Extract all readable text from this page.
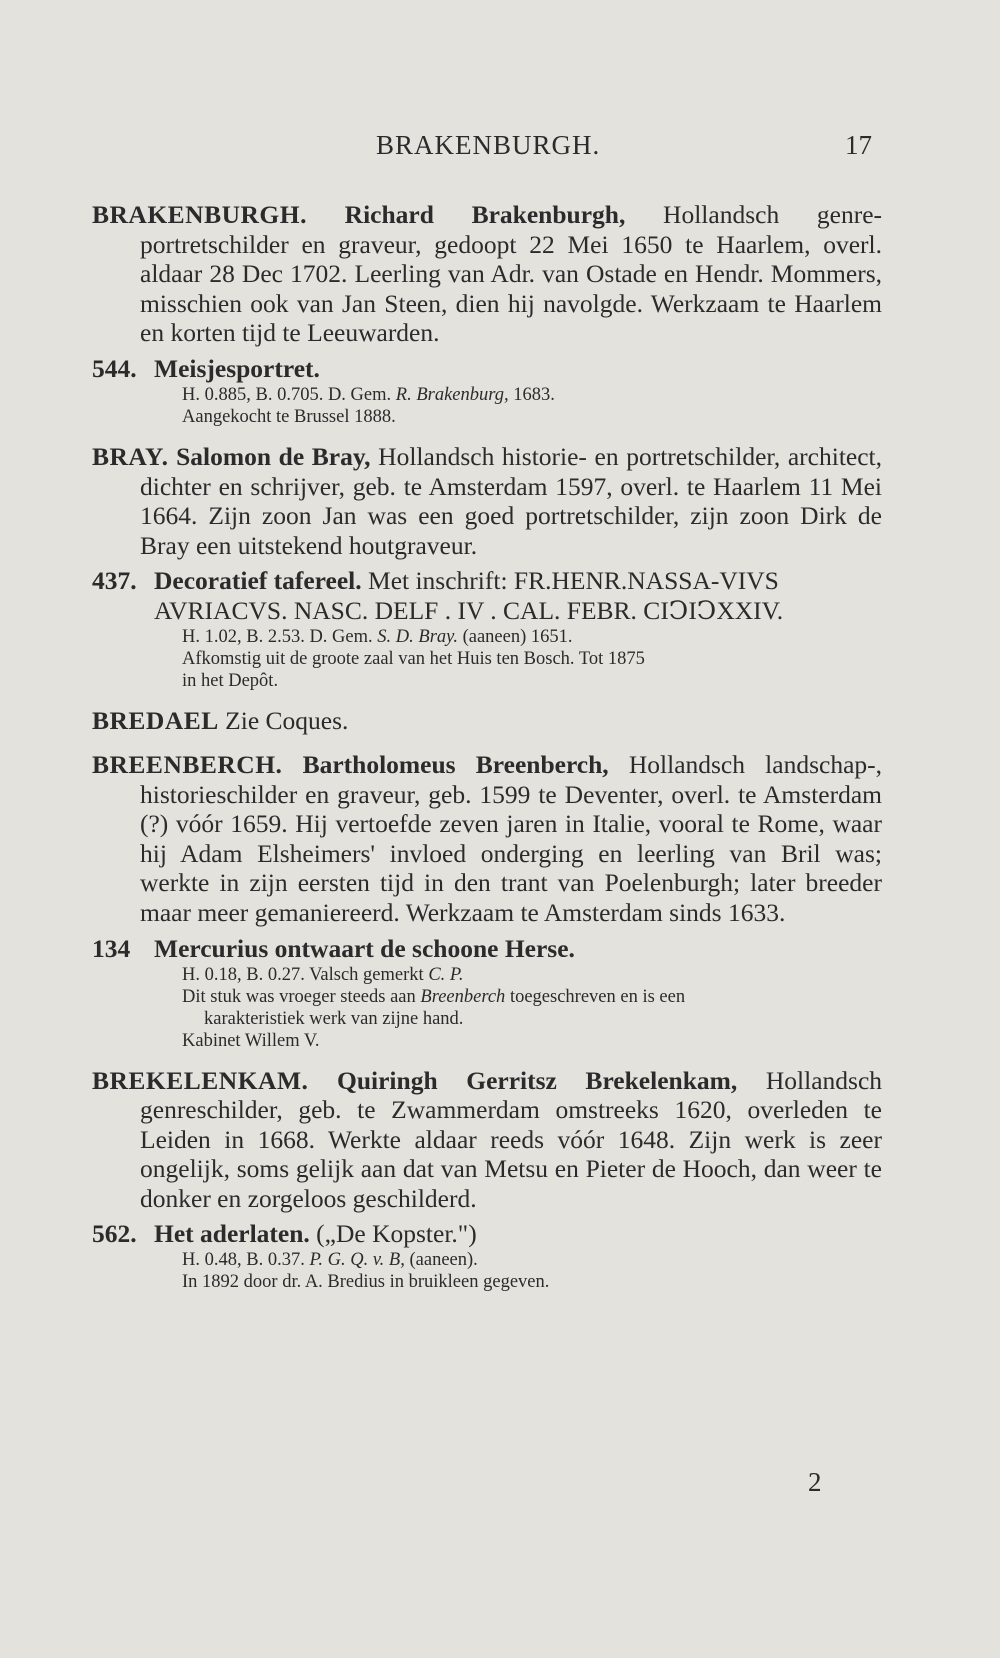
BRAKENBURGH.	17
BRAKENBURGH. Richard Brakenburgh, Hollandsch genre-portretschilder en graveur, gedoopt 22 Mei 1650 te Haarlem, overl. aldaar 28 Dec 1702. Leerling van Adr. van Ostade en Hendr. Mommers, misschien ook van Jan Steen, dien hij navolgde. Werkzaam te Haarlem en korten tijd te Leeuwarden.
544. Meisjesportret.
H. 0.885, B. 0.705. D. Gem. R. Brakenburg, 1683.
Aangekocht te Brussel 1888.
BRAY. Salomon de Bray, Hollandsch historie- en portretschilder, architect, dichter en schrijver, geb. te Amsterdam 1597, overl. te Haarlem 11 Mei 1664. Zijn zoon Jan was een goed portretschilder, zijn zoon Dirk de Bray een uitstekend houtgraveur.
437. Decoratief tafereel. Met inschrift: FR.HENR.NASSA-VIVS AVRIACVS. NASC. DELF . IV . CAL. FEBR. CIↃIↃXXIV.
H. 1.02, B. 2.53. D. Gem. S. D. Bray. (aaneen) 1651.
Afkomstig uit de groote zaal van het Huis ten Bosch. Tot 1875
in het Depôt.
BREDAEL Zie Coques.
BREENBERCH. Bartholomeus Breenberch, Hollandsch landschap-, historieschilder en graveur, geb. 1599 te Deventer, overl. te Amsterdam (?) vóór 1659. Hij vertoefde zeven jaren in Italie, vooral te Rome, waar hij Adam Elsheimers' invloed onderging en leerling van Bril was; werkte in zijn eersten tijd in den trant van Poelenburgh; later breeder maar meer gemaniereerd. Werkzaam te Amsterdam sinds 1633.
134 Mercurius ontwaart de schoone Herse.
H. 0.18, B. 0.27. Valsch gemerkt C. P.
Dit stuk was vroeger steeds aan Breenberch toegeschreven en is een
karakteristiek werk van zijne hand.
Kabinet Willem V.
BREKELENKAM. Quiringh Gerritsz Brekelenkam, Hollandsch genreschilder, geb. te Zwammerdam omstreeks 1620, overleden te Leiden in 1668. Werkte aldaar reeds vóór 1648. Zijn werk is zeer ongelijk, soms gelijk aan dat van Metsu en Pieter de Hooch, dan weer te donker en zorgeloos geschilderd.
562. Het aderlaten. („De Kopster.")
H. 0.48, B. 0.37. P. G. Q. v. B, (aaneen).
In 1892 door dr. A. Bredius in bruikleen gegeven.
2
